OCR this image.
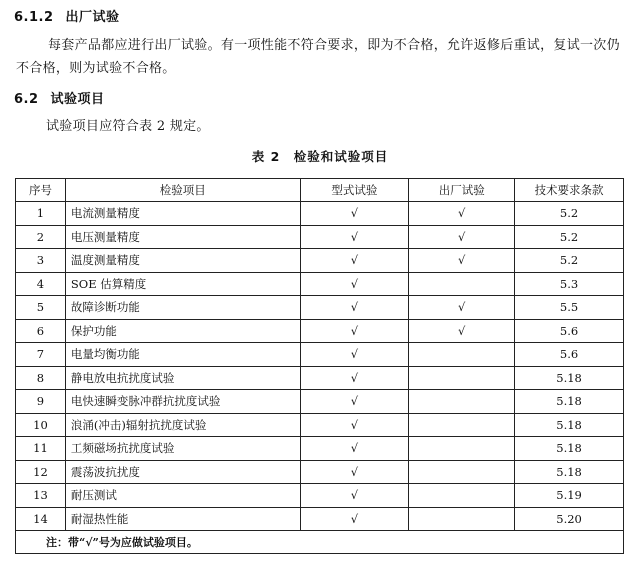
6.1.2 出厂试验
每套产品都应进行出厂试验。有一项性能不符合要求，即为不合格，允许返修后重试，复试一次仍不合格，则为试验不合格。
6.2 试验项目
试验项目应符合表 2 规定。
表 2　检验和试验项目
序号	检验项目	型式试验	出厂试验	技术要求条款
1	电流测量精度	√	√	5.2
2	电压测量精度	√	√	5.2
3	温度测量精度	√	√	5.2
4	SOE 估算精度	√		5.3
5	故障诊断功能	√	√	5.5
6	保护功能	√	√	5.6
7	电量均衡功能	√		5.6
8	静电放电抗扰度试验	√		5.18
9	电快速瞬变脉冲群抗扰度试验	√		5.18
10	浪涌(冲击)辐射抗扰度试验	√		5.18
11	工频磁场抗扰度试验	√		5.18
12	震荡波抗扰度	√		5.18
13	耐压测试	√		5.19
14	耐湿热性能	√		5.20
注：带“√”号为应做试验项目。				
